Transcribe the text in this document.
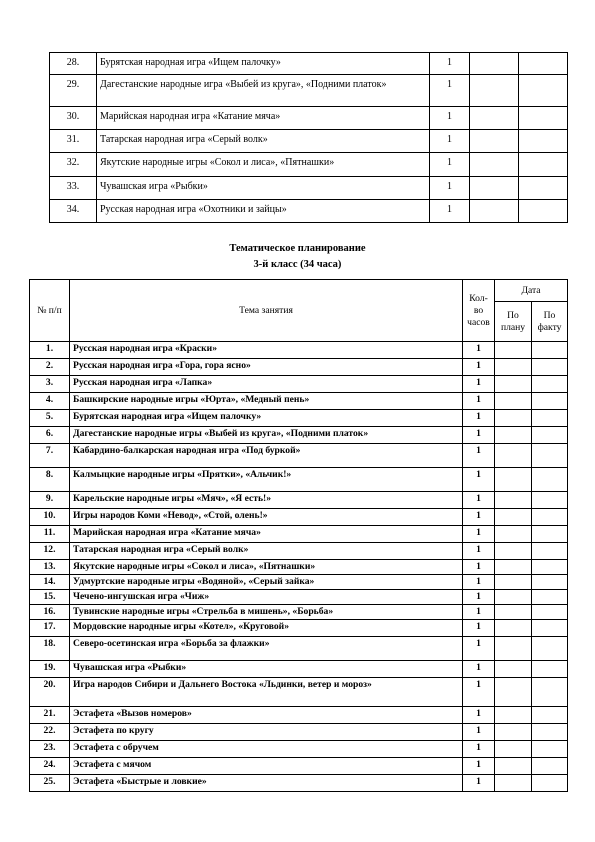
28.	Бурятская народная игра «Ищем палочку»	1		
29.	Дагестанские народные игра «Выбей из круга», «Подними платок»	1		
30.	Марийская народная игра «Катание мяча»	1		
31.	Татарская народная игра «Серый волк»	1		
32.	Якутские народные игры «Сокол и лиса», «Пятнашки»	1		
33.	Чувашская игра «Рыбки»	1		
34.	Русская народная игра «Охотники и зайцы»	1		
Тематическое планирование
3-й класс (34 часа)
№ п/п	Тема занятия	Кол-во часов	Дата	
			По плану	По факту
1.	Русская народная игра «Краски»	1		
2.	Русская народная игра «Гора, гора ясно»	1		
3.	Русская народная игра «Лапка»	1		
4.	Башкирские народные игры «Юрта», «Медный пень»	1		
5.	Бурятская народная игра «Ищем палочку»	1		
6.	Дагестанские народные игры «Выбей из круга», «Подними платок»	1		
7.	Кабардино-балкарская народная игра «Под буркой»	1		
8.	Калмыцкие народные игры «Прятки», «Альчик!»	1		
9.	Карельские народные игры «Мяч», «Я есть!»	1		
10.	Игры народов Коми «Невод», «Стой, олень!»	1		
11.	Марийская народная игра «Катание мяча»	1		
12.	Татарская народная игра «Серый волк»	1		
13.	Якутские народные игры «Сокол и лиса», «Пятнашки»	1		
14.	Удмуртские народные игры «Водяной», «Серый зайка»	1		
15.	Чечено-ингушская игра «Чиж»	1		
16.	Тувинские народные игры «Стрельба в мишень», «Борьба»	1		
17.	Мордовские народные игры «Котел», «Круговой»	1		
18.	Северо-осетинская игра «Борьба за флажки»	1		
19.	Чувашская игра «Рыбки»	1		
20.	Игра народов Сибири и Дальнего Востока «Льдинки, ветер и мороз»	1		
21.	Эстафета «Вызов номеров»	1		
22.	Эстафета по кругу	1		
23.	Эстафета с обручем	1		
24.	Эстафета с мячом	1		
25.	Эстафета «Быстрые и ловкие»	1		
